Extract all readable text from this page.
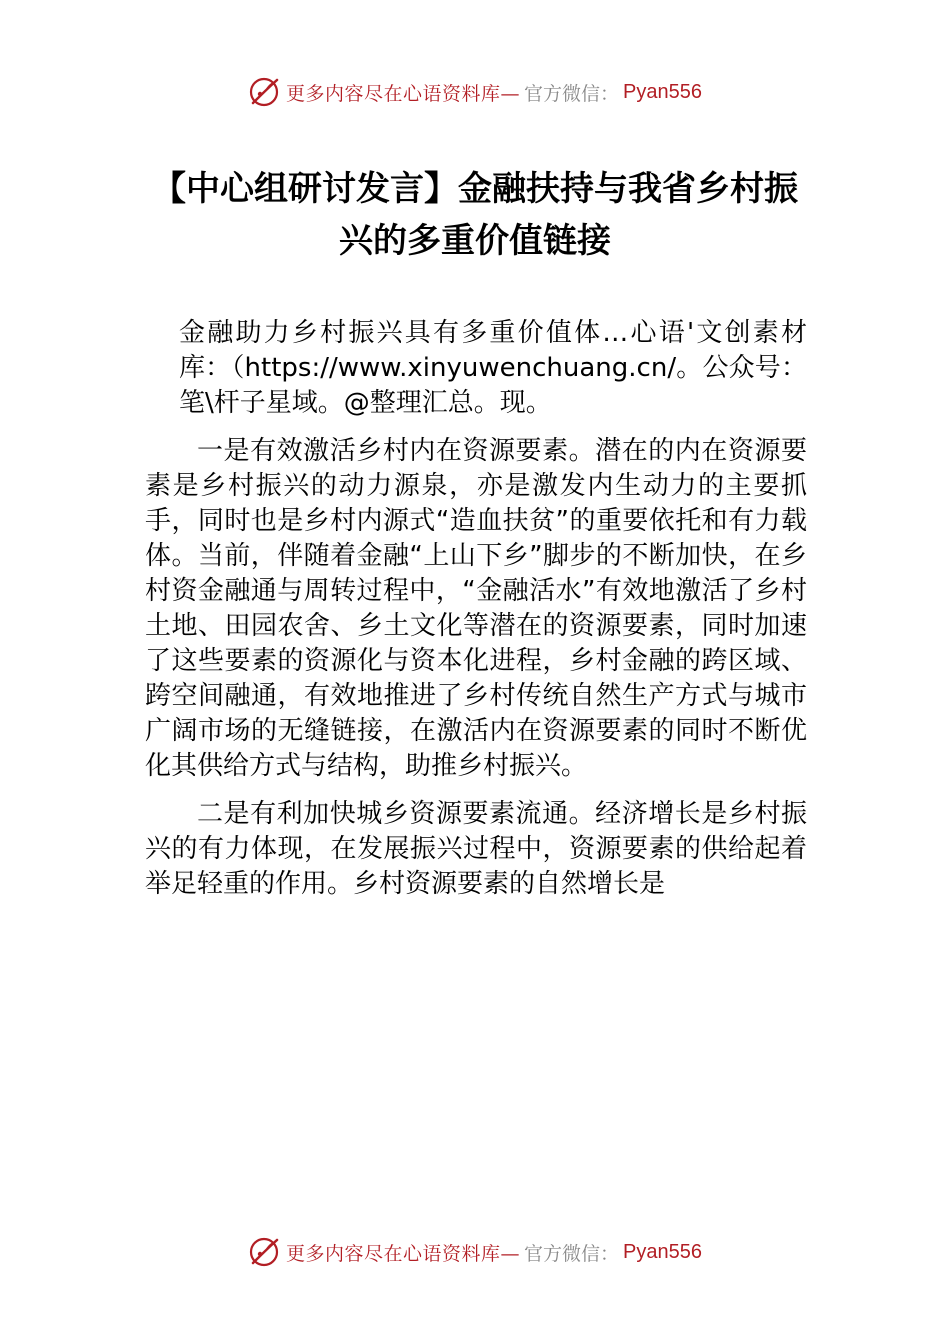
更多内容尽在心语资料库— 官方微信： Pyan556
【中心组研讨发言】金融扶持与我省乡村振兴的多重价值链接

金融助力乡村振兴具有多重价值体…心语'文创素材库：（https://www.xinyuwenchuang.cn/。公众号：笔\杆子星域。@整理汇总。现。

一是有效激活乡村内在资源要素。潜在的内在资源要素是乡村振兴的动力源泉，亦是激发内生动力的主要抓手，同时也是乡村内源式“造血扶贫”的重要依托和有力载体。当前，伴随着金融“上山下乡”脚步的不断加快，在乡村资金融通与周转过程中，“金融活水”有效地激活了乡村土地、田园农舍、乡土文化等潜在的资源要素，同时加速了这些要素的资源化与资本化进程，乡村金融的跨区域、跨空间融通，有效地推进了乡村传统自然生产方式与城市广阔市场的无缝链接，在激活内在资源要素的同时不断优化其供给方式与结构，助推乡村振兴。

二是有利加快城乡资源要素流通。经济增长是乡村振兴的有力体现，在发展振兴过程中，资源要素的供给起着举足轻重的作用。乡村资源要素的自然增长是

更多内容尽在心语资料库— 官方微信： Pyan556
